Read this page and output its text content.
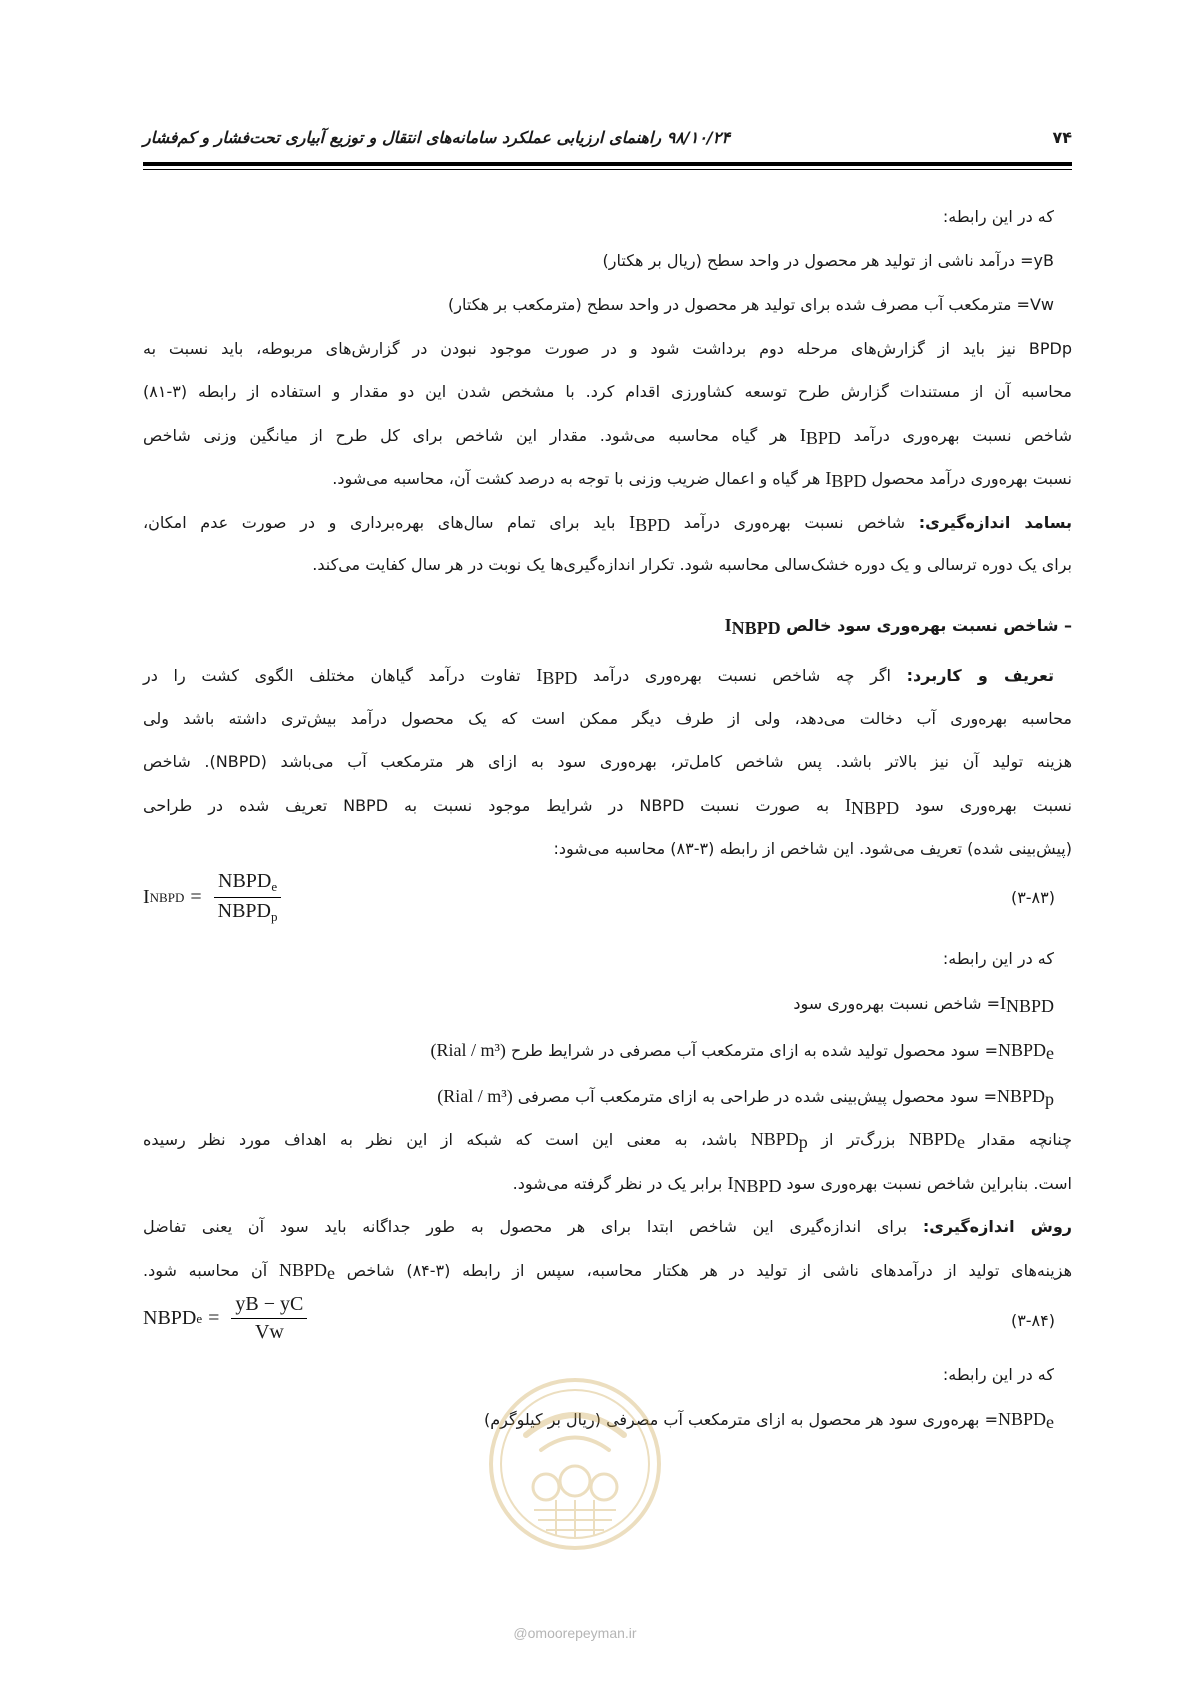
۷۴
۹۸/۱۰/۲۴ راهنمای ارزیابی عملکرد سامانه‌های انتقال و توزیع آبیاری تحت‌فشار و کم‌فشار
که در این رابطه:
yB= درآمد ناشی از تولید هر محصول در واحد سطح (ریال بر هکتار)
Vw= مترمکعب آب مصرف شده برای تولید هر محصول در واحد سطح (مترمکعب بر هکتار)
BPDp نیز باید از گزارش‌های مرحله دوم برداشت شود و در صورت موجود نبودن در گزارش‌های مربوطه، باید نسبت به
محاسبه آن از مستندات گزارش طرح توسعه کشاورزی اقدام کرد. با مشخص شدن این دو مقدار و استفاده از رابطه (۳-۸۱)
شاخص نسبت بهره‌وری درآمد IBPD هر گیاه محاسبه می‌شود. مقدار این شاخص برای کل طرح از میانگین وزنی شاخص
نسبت بهره‌وری درآمد محصول IBPD هر گیاه و اعمال ضریب وزنی با توجه به درصد کشت آن، محاسبه می‌شود.
بسامد اندازه‌گیری: شاخص نسبت بهره‌وری درآمد IBPD باید برای تمام سال‌های بهره‌برداری و در صورت عدم امکان،
برای یک دوره ترسالی و یک دوره خشک‌سالی محاسبه شود. تکرار اندازه‌گیری‌ها یک نوبت در هر سال کفایت می‌کند.
– شاخص نسبت بهره‌وری سود خالص INBPD
تعریف و کاربرد: اگر چه شاخص نسبت بهره‌وری درآمد IBPD تفاوت درآمد گیاهان مختلف الگوی کشت را در
محاسبه بهره‌وری آب دخالت می‌دهد، ولی از طرف دیگر ممکن است که یک محصول درآمد بیش‌تری داشته باشد ولی
هزینه تولید آن نیز بالاتر باشد. پس شاخص کامل‌تر، بهره‌وری سود به ازای هر مترمکعب آب می‌باشد (NBPD). شاخص
نسبت بهره‌وری سود INBPD به صورت نسبت NBPD در شرایط موجود نسبت به NBPD تعریف شده در طراحی
(پیش‌بینی شده) تعریف می‌شود. این شاخص از رابطه (۳-۸۳) محاسبه می‌شود:
که در این رابطه:
INBPD= شاخص نسبت بهره‌وری سود
NBPDe= سود محصول تولید شده به ازای مترمکعب آب مصرفی در شرایط طرح (Rial / m³)
NBPDp= سود محصول پیش‌بینی شده در طراحی به ازای مترمکعب آب مصرفی (Rial / m³)
چنانچه مقدار NBPDe بزرگ‌تر از NBPDp باشد، به معنی این است که شبکه از این نظر به اهداف مورد نظر رسیده
است. بنابراین شاخص نسبت بهره‌وری سود INBPD برابر یک در نظر گرفته می‌شود.
روش اندازه‌گیری: برای اندازه‌گیری این شاخص ابتدا برای هر محصول به طور جداگانه باید سود آن یعنی تفاضل
هزینه‌های تولید از درآمدهای ناشی از تولید در هر هکتار محاسبه، سپس از رابطه (۳-۸۴) شاخص NBPDe آن محاسبه شود.
که در این رابطه:
NBPDe= بهره‌وری سود هر محصول به ازای مترمکعب آب مصرفی (ریال بر کیلوگرم)
I NBPD = $\frac{NBPD_e}{NBPD_p}$	(۳-۸۳)
NBPD $e = \frac{yB - yC}{Vw}$	(۳-۸۴)
@omoorepeyman.ir
